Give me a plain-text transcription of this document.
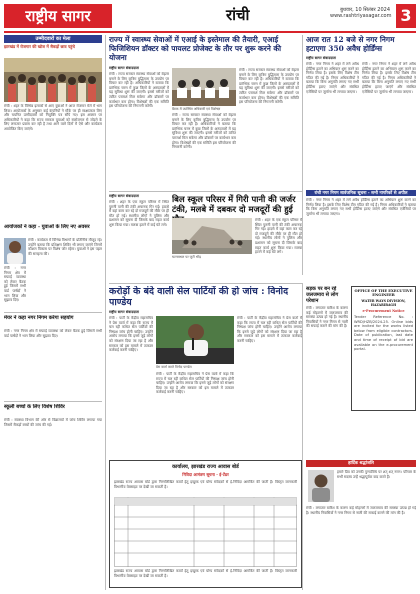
राष्ट्रीय सागर	रांची	बुधवार, 10 सितंबर 2024
www.rashtriyasagar.com 3
उम्मीदवारों का मेला
झारखंड में रोजगार की खोज में सैकड़ों छात्र पहुंचे
रांची : शहर के विभिन्न इलाकों से आए युवाओं ने आज रोजगार मेले में भाग लिया। आयोजकों के अनुसार कई कंपनियों ने मौके पर ही साक्षात्कार लिए और चयनित उम्मीदवारों को नियुक्ति पत्र सौंपे गए। इस अवसर पर अधिकारियों ने कहा कि राज्य सरकार युवाओं को स्वरोजगार से जोड़ने के लिए लगातार प्रयास कर रही है तथा आने वाले दिनों में ऐसे और कार्यक्रम आयोजित किए जाएंगे।
आयोजकों ने कहा - युवाओं के लिए नए अवसर
रांची : कार्यक्रम में विभिन्न विभागों के प्रतिनिधि मौजूद रहे। उन्होंने बताया कि प्रशिक्षण शिविर भी लगाए जाएंगे जिनमें कौशल विकास पर विशेष जोर रहेगा। युवाओं ने इस पहल की सराहना की।
रांची : नगर निगम क्षेत्र में सफाई व्यवस्था को लेकर बैठक हुई जिसमें सभी वार्ड पार्षदों ने भाग लिया और सुझाव दिए।
मेयर ने कहा नगर निगम करेगा सहयोग
रांची : नगर निगम क्षेत्र में सफाई व्यवस्था को लेकर बैठक हुई जिसमें सभी वार्ड पार्षदों ने भाग लिया और सुझाव दिए।
स्कूली बच्चों के लिए विशेष शिविर
रांची : स्वास्थ्य विभाग की ओर से विद्यालयों में जांच शिविर लगाया गया जिसमें सैकड़ों बच्चों की जांच की गई।
राज्य में स्वास्थ्य सेवाओं में एआई के इस्तेमाल की तैयारी, एआई फिजिशियन डॉक्टर को पायलट प्रोजेक्ट के तौर पर शुरू करने की योजना
राष्ट्रीय सागर संवाददाता
रांची : राज्य सरकार स्वास्थ्य सेवाओं को बेहतर बनाने के लिए कृत्रिम बुद्धिमत्ता के उपयोग पर विचार कर रही है। अधिकारियों ने बताया कि प्रारंभिक चरण में कुछ जिलों के अस्पतालों में यह सुविधा शुरू की जाएगी। इससे मरीजों को त्वरित परामर्श मिल सकेगा और डॉक्टरों पर कार्यभार कम होगा। विशेषज्ञों की एक समिति इस परियोजना की निगरानी करेगी।
बैठक में उपस्थित अधिकारी एवं विशेषज्ञ
रांची : राज्य सरकार स्वास्थ्य सेवाओं को बेहतर बनाने के लिए कृत्रिम बुद्धिमत्ता के उपयोग पर विचार कर रही है। अधिकारियों ने बताया कि प्रारंभिक चरण में कुछ जिलों के अस्पतालों में यह सुविधा शुरू की जाएगी। इससे मरीजों को त्वरित परामर्श मिल सकेगा और डॉक्टरों पर कार्यभार कम होगा। विशेषज्ञों की एक समिति इस परियोजना की निगरानी करेगी।
रांची : राज्य सरकार स्वास्थ्य सेवाओं को बेहतर बनाने के लिए कृत्रिम बुद्धिमत्ता के उपयोग पर विचार कर रही है। अधिकारियों ने बताया कि प्रारंभिक चरण में कुछ जिलों के अस्पतालों में यह सुविधा शुरू की जाएगी। इससे मरीजों को त्वरित परामर्श मिल सकेगा और डॉक्टरों पर कार्यभार कम होगा। विशेषज्ञों की एक समिति इस परियोजना की निगरानी करेगी।
आज रात 12 बजे से नगर निगम हटाएगा 350 अवैध होर्डिंग्स
राष्ट्रीय सागर संवाददाता
रांची : नगर निगम ने शहर में लगे अवैध होर्डिंग्स हटाने का अभियान शुरू करने का निर्णय लिया है। इसके लिए विशेष टीम गठित की गई है। निगम अधिकारियों ने बताया कि बिना अनुमति लगाए गए सभी होर्डिंग्स हटाए जाएंगे और संबंधित एजेंसियों पर जुर्माना भी लगाया जाएगा।
रांची : नगर निगम ने शहर में लगे अवैध होर्डिंग्स हटाने का अभियान शुरू करने का निर्णय लिया है। इसके लिए विशेष टीम गठित की गई है। निगम अधिकारियों ने बताया कि बिना अनुमति लगाए गए सभी होर्डिंग्स हटाए जाएंगे और संबंधित एजेंसियों पर जुर्माना भी लगाया जाएगा।
रांची नगर निगम सार्वजनिक सूचना - सभी नागरिकों से अपील
रांची : नगर निगम ने शहर में लगे अवैध होर्डिंग्स हटाने का अभियान शुरू करने का निर्णय लिया है। इसके लिए विशेष टीम गठित की गई है। निगम अधिकारियों ने बताया कि बिना अनुमति लगाए गए सभी होर्डिंग्स हटाए जाएंगे और संबंधित एजेंसियों पर जुर्माना भी लगाया जाएगा।
बिल स्कूल परिसर में गिरी पानी की जर्जर टंकी, मलबे में दबकर दो मजदूरों की हुई
राष्ट्रीय सागर संवाददाता
रांची : शहर के एक स्कूल परिसर में स्थित पुरानी पानी की टंकी अचानक गिर गई। हादसे में वहां काम कर रहे दो मजदूरों की मौके पर ही मौत हो गई। स्थानीय लोगों ने पुलिस और प्रशासन को सूचना दी जिसके बाद राहत कार्य शुरू किया गया। मलबा हटाने में कई घंटे लगे।
घटनास्थल पर जुटी भीड़
रांची : शहर के एक स्कूल परिसर में स्थित पुरानी पानी की टंकी अचानक गिर गई। हादसे में वहां काम कर रहे दो मजदूरों की मौके पर ही मौत हो गई। स्थानीय लोगों ने पुलिस और प्रशासन को सूचना दी जिसके बाद राहत कार्य शुरू किया गया। मलबा हटाने में कई घंटे लगे।
करोड़ों के बंदे वाली सेल पार्टियों की हो जांच : विनोद पाण्डेय
राष्ट्रीय सागर संवाददाता
रांची : पार्टी के केंद्रीय महासचिव ने प्रेस वार्ता में कहा कि राज्य में चल रही कथित सेल पार्टियों की निष्पक्ष जांच होनी चाहिए। उन्होंने आरोप लगाया कि इनसे जुड़े लोगों को संरक्षण दिया जा रहा है और सरकार को इस मामले में तत्काल कार्रवाई करनी चाहिए।
प्रेस वार्ता करते विनोद पाण्डेय
रांची : पार्टी के केंद्रीय महासचिव ने प्रेस वार्ता में कहा कि राज्य में चल रही कथित सेल पार्टियों की निष्पक्ष जांच होनी चाहिए। उन्होंने आरोप लगाया कि इनसे जुड़े लोगों को संरक्षण दिया जा रहा है और सरकार को इस मामले में तत्काल कार्रवाई करनी चाहिए।
रांची : पार्टी के केंद्रीय महासचिव ने प्रेस वार्ता में कहा कि राज्य में चल रही कथित सेल पार्टियों की निष्पक्ष जांच होनी चाहिए। उन्होंने आरोप लगाया कि इनसे जुड़े लोगों को संरक्षण दिया जा रहा है और सरकार को इस मामले में तत्काल कार्रवाई करनी चाहिए।
कार्यालय, झारखंड राज्य आवास बोर्ड
निविदा आमंत्रण सूचना - ई-टेंडर
झारखंड राज्य आवास बोर्ड द्वारा निम्नलिखित कार्यों हेतु इच्छुक एवं योग्य संवेदकों से ई-निविदा आमंत्रित की जाती है। विस्तृत जानकारी विभागीय वेबसाइट पर देखी जा सकती है।
झारखंड राज्य आवास बोर्ड द्वारा निम्नलिखित कार्यों हेतु इच्छुक एवं योग्य संवेदकों से ई-निविदा आमंत्रित की जाती है। विस्तृत जानकारी विभागीय वेबसाइट पर देखी जा सकती है।
सड़क पर बन रहे जलजमाव से लोग परेशान
रांची : लगातार बारिश के कारण कई मोहल्लों में जलजमाव की समस्या उत्पन्न हो गई है। स्थानीय निवासियों ने नगर निगम से नाली की सफाई कराने की मांग की है।
OFFICE OF THE EXECUTIVE ENGINEER
WATER WAYS DIVISION, HAZARIBAGH
e-Procurement Notice
Tender Reference No. : WRD/HZB/2024-25. Online bids are invited for the works listed below from eligible contractors. Date of publication, last date and time of receipt of bid are available on the e-procurement portal.
हार्दिक श्रद्धांजलि
हमारे प्रिय को उनकी पुण्यतिथि पर शत् शत् नमन। परिवार के सभी सदस्य उन्हें श्रद्धापूर्वक याद करते हैं।
रांची : लगातार बारिश के कारण कई मोहल्लों में जलजमाव की समस्या उत्पन्न हो गई है। स्थानीय निवासियों ने नगर निगम से नाली की सफाई कराने की मांग की है।
